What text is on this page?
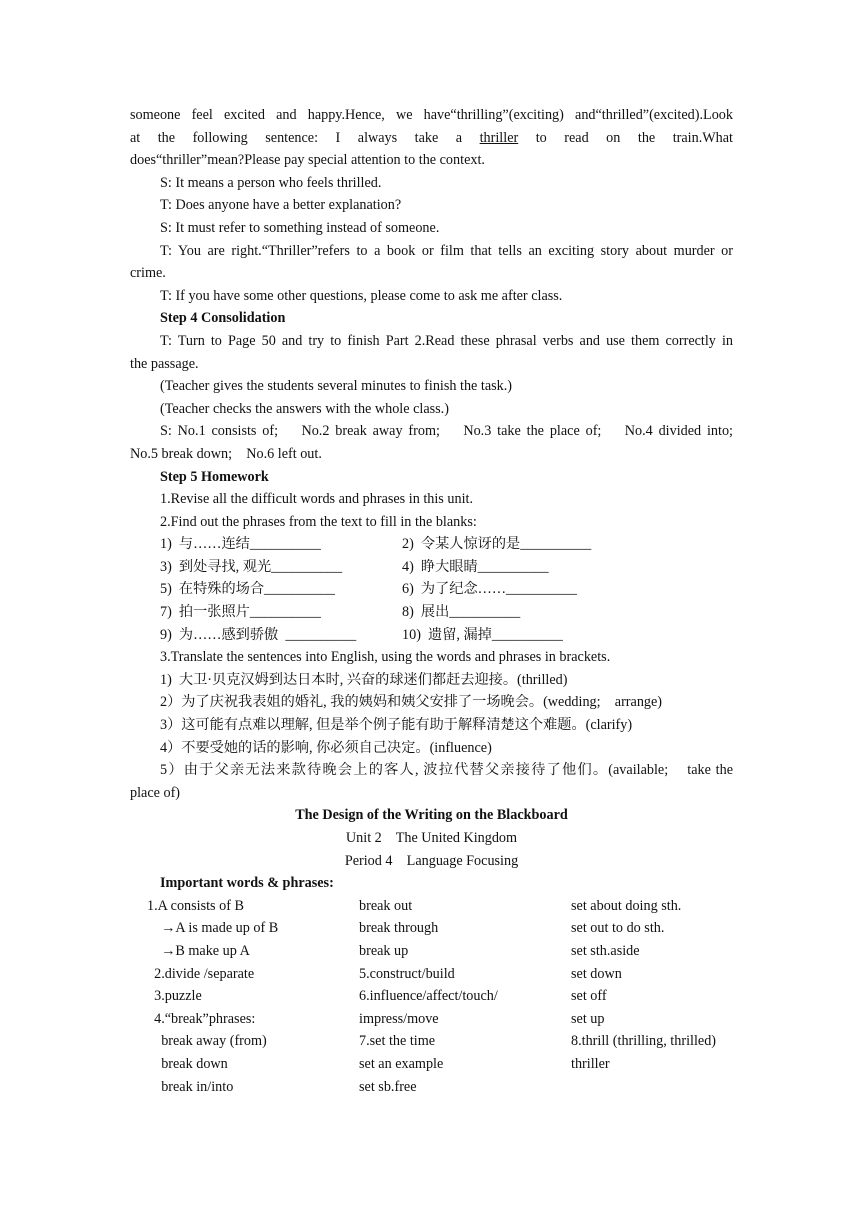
someone feel excited and happy.Hence, we have“thrilling”(exciting) and“thrilled”(excited).Look
at the following sentence: I always take a thriller to read on the train.What
does“thriller”mean?Please pay special attention to the context.
S: It means a person who feels thrilled.
T: Does anyone have a better explanation?
S: It must refer to something instead of someone.
T: You are right.“Thriller”refers to a book or film that tells an exciting story about murder or
crime.
T: If you have some other questions, please come to ask me after class.
Step 4 Consolidation
T: Turn to Page 50 and try to finish Part 2.Read these phrasal verbs and use them correctly in
the passage.
(Teacher gives the students several minutes to finish the task.)
(Teacher checks the answers with the whole class.)
S: No.1 consists of;    No.2 break away from;    No.3 take the place of;    No.4 divided into;
No.5 break down;    No.6 left out.
Step 5 Homework
1.Revise all the difficult words and phrases in this unit.
2.Find out the phrases from the text to fill in the blanks:
1)  与……连结__________	2)  令某人惊讶的是__________
3)  到处寻找, 观光__________	4)  睁大眼睛__________
5)  在特殊的场合__________	6)  为了纪念……__________
7)  拍一张照片__________	8)  展出__________
9)  为……感到骄傲  __________	10)  遗留, 漏掉__________
3.Translate the sentences into English, using the words and phrases in brackets.
1)  大卫·贝克汉姆到达日本时, 兴奋的球迷们都赶去迎接。(thrilled)
2）为了庆祝我表姐的婚礼, 我的姨妈和姨父安排了一场晚会。(wedding;    arrange)
3）这可能有点难以理解, 但是举个例子能有助于解释清楚这个难题。(clarify)
4）不要受她的话的影响, 你必须自己决定。(influence)
5）由于父亲无法来款待晚会上的客人, 波拉代替父亲接待了他们。(available;    take the
place of)
The Design of the Writing on the Blackboard
Unit 2    The United Kingdom
Period 4    Language Focusing
Important words & phrases:
1.A consists of B	break out	set about doing sth.
→A is made up of B	break through	set out to do sth.
→B make up A	break up	set sth.aside
2.divide /separate	5.construct/build	set down
3.puzzle	6.influence/affect/touch/	set off
4.“break”phrases:	impress/move	set up
break away (from)	7.set the time	8.thrill (thrilling, thrilled)
break down	set an example	thriller
break in/into	set sb.free
